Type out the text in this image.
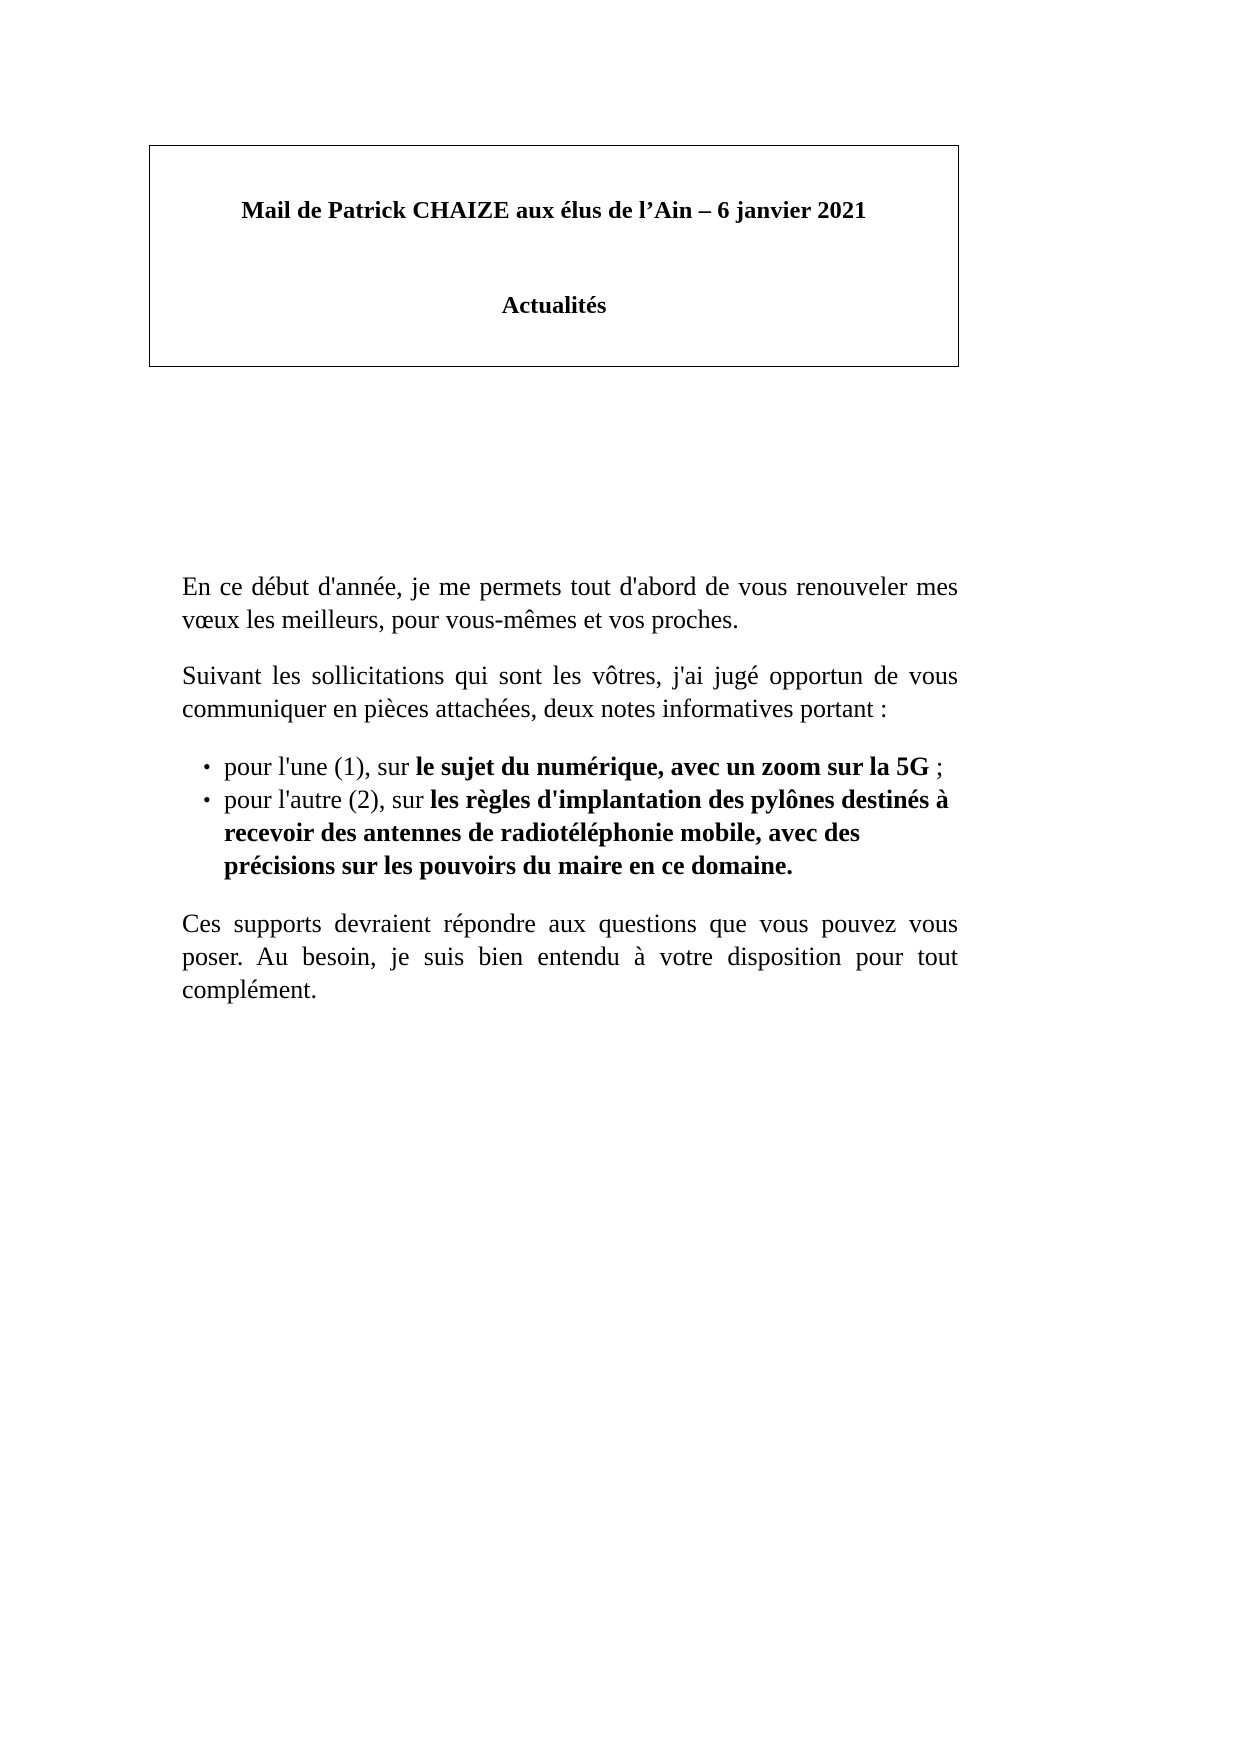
Mail de Patrick CHAIZE aux élus de l’Ain – 6 janvier 2021
Actualités

En ce début d'année, je me permets tout d'abord de vous renouveler mes vœux les meilleurs, pour vous-mêmes et vos proches.

Suivant les sollicitations qui sont les vôtres, j'ai jugé opportun de vous communiquer en pièces attachées, deux notes informatives portant :

• pour l'une (1), sur le sujet du numérique, avec un zoom sur la 5G ;
• pour l'autre (2), sur les règles d'implantation des pylônes destinés à recevoir des antennes de radiotéléphonie mobile, avec des précisions sur les pouvoirs du maire en ce domaine.

Ces supports devraient répondre aux questions que vous pouvez vous poser. Au besoin, je suis bien entendu à votre disposition pour tout complément.
